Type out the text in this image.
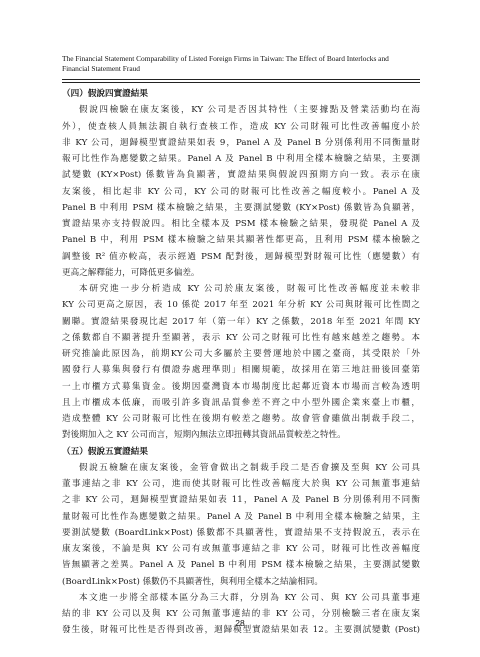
The Financial Statement Comparability of Listed Foreign Firms in Taiwan: The Effect of Board Interlocks and
Financial Statement Fraud
（四）假說四實證結果
假說四檢驗在康友案後，KY 公司是否因其特性（主要據點及營業活動均在海
外），使查核人員無法親自執行查核工作，造成 KY 公司財報可比性改善幅度小於
非 KY 公司，迴歸模型實證結果如表 9，Panel A 及 Panel B 分別係利用不同衡量財
報可比性作為應變數之結果。Panel A 及 Panel B 中利用全樣本檢驗之結果，主要測
試變數 (KY×Post) 係數皆為負顯著，實證結果與假說四預期方向一致。表示在康
友案後，相比起非 KY 公司，KY 公司的財報可比性改善之幅度較小。Panel A 及
Panel B 中利用 PSM 樣本檢驗之結果，主要測試變數 (KY×Post) 係數皆為負顯著，
實證結果亦支持假說四。相比全樣本及 PSM 樣本檢驗之結果，發現從 Panel A 及
Panel B 中，利用 PSM 樣本檢驗之結果其顯著性都更高，且利用 PSM 樣本檢驗之
調整後 R² 值亦較高，表示經過 PSM 配對後，迴歸模型對財報可比性（應變數）有
更高之解釋能力，可降低更多偏差。
本研究進一步分析造成 KY 公司於康友案後，財報可比性改善幅度並未較非
KY 公司更高之原因，表 10 係從 2017 年至 2021 年分析 KY 公司與財報可比性間之
關聯。實證結果發現比起 2017 年（第一年）KY 之係數，2018 年至 2021 年間 KY
之係數都自不顯著提升至顯著，表示 KY 公司之財報可比性有越來越差之趨勢。本
研究推論此原因為，前期KY公司大多屬於主要營運地於中國之臺商，其受限於「外
國發行人募集與發行有價證券處理準則」相關規範，故採用在第三地註冊後回臺第
一上市櫃方式募集資金。後期因臺灣資本市場制度比起鄰近資本市場而言較為透明
且上市櫃成本低廉，而吸引許多資訊品質參差不齊之中小型外國企業來臺上市櫃，
造成整體 KY 公司財報可比性在後期有較差之趨勢。故會管會雖做出制裁手段二，
對後期加入之 KY 公司而言，短期內無法立即扭轉其資訊品質較差之特性。
（五）假說五實證結果
假說五檢驗在康友案後，金管會做出之制裁手段二是否會擴及至與 KY 公司具
董事連結之非 KY 公司，進而使其財報可比性改善幅度大於與 KY 公司無董事連結
之非 KY 公司，迴歸模型實證結果如表 11，Panel A 及 Panel B 分別係利用不同衡
量財報可比性作為應變數之結果。Panel A 及 Panel B 中利用全樣本檢驗之結果，主
要測試變數 (BoardLink×Post) 係數都不具顯著性，實證結果不支持假說五，表示在
康友案後，不論是與 KY 公司有或無董事連結之非 KY 公司，財報可比性改善幅度
皆無顯著之差異。Panel A 及 Panel B 中利用 PSM 樣本檢驗之結果，主要測試變數
(BoardLink×Post) 係數仍不具顯著性，與利用全樣本之結論相同。
本文進一步將全部樣本區分為三大群，分別為 KY 公司、與 KY 公司具董事連
結的非 KY 公司以及與 KY 公司無董事連結的非 KY 公司，分別檢驗三者在康友案
發生後，財報可比性是否得到改善，迴歸模型實證結果如表 12。主要測試變數 (Post)
28
